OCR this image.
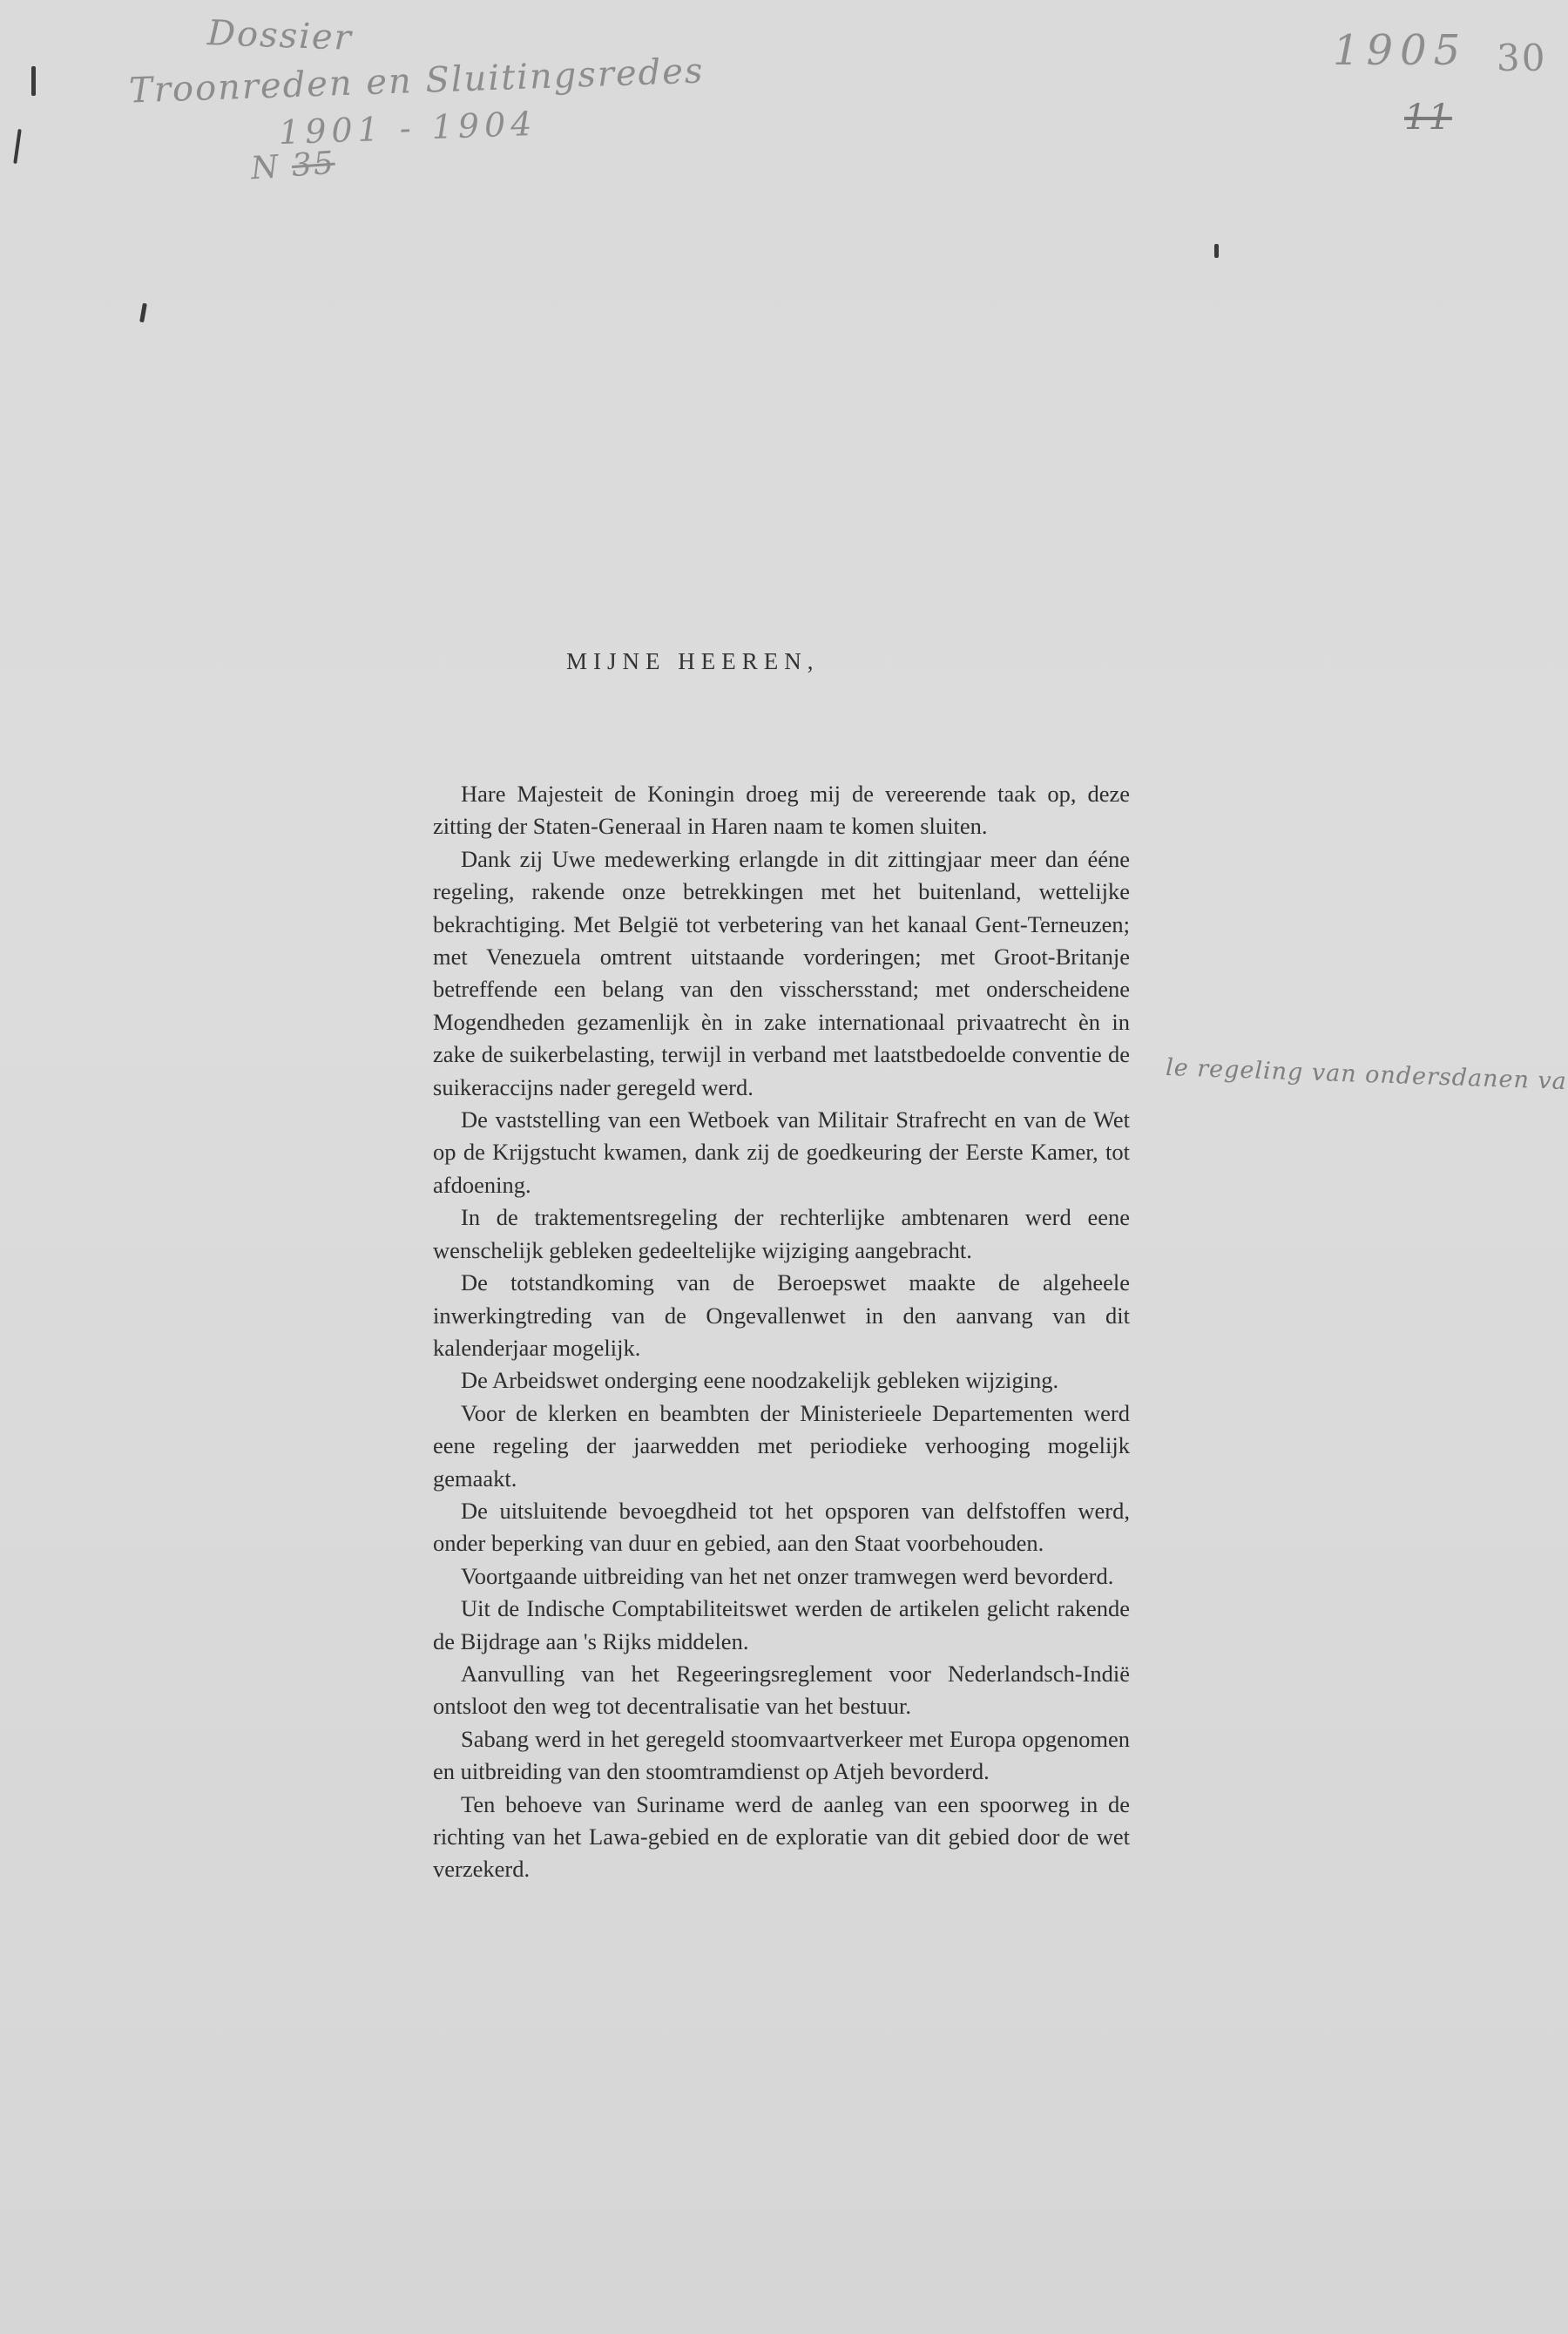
Dossier
Troonreden en Sluitingsredes
1901 - 1904
N 35
1905 30
11
le regeling van ondersdanen va
MIJNE HEEREN,

Hare Majesteit de Koningin droeg mij de vereerende taak op, deze zitting der Staten-Generaal in Haren naam te komen sluiten.

Dank zij Uwe medewerking erlangde in dit zittingjaar meer dan ééne regeling, rakende onze betrekkingen met het buitenland, wettelijke bekrachtiging. Met België tot verbetering van het kanaal Gent-Terneuzen; met Venezuela omtrent uitstaande vorderingen; met Groot-Britanje betreffende een belang van den visschersstand; met onderscheidene Mogendheden gezamenlijk èn in zake internationaal privaatrecht èn in zake de suikerbelasting, terwijl in verband met laatstbedoelde conventie de suikeraccijns nader geregeld werd.

De vaststelling van een Wetboek van Militair Strafrecht en van de Wet op de Krijgstucht kwamen, dank zij de goedkeuring der Eerste Kamer, tot afdoening.

In de traktementsregeling der rechterlijke ambtenaren werd eene wenschelijk gebleken gedeeltelijke wijziging aangebracht.

De totstandkoming van de Beroepswet maakte de algeheele inwerkingtreding van de Ongevallenwet in den aanvang van dit kalenderjaar mogelijk.

De Arbeidswet onderging eene noodzakelijk gebleken wijziging.

Voor de klerken en beambten der Ministerieele Departementen werd eene regeling der jaarwedden met periodieke verhooging mogelijk gemaakt.

De uitsluitende bevoegdheid tot het opsporen van delfstoffen werd, onder beperking van duur en gebied, aan den Staat voorbehouden.

Voortgaande uitbreiding van het net onzer tramwegen werd bevorderd.

Uit de Indische Comptabiliteitswet werden de artikelen gelicht rakende de Bijdrage aan 's Rijks middelen.

Aanvulling van het Regeeringsreglement voor Nederlandsch-Indië ontsloot den weg tot decentralisatie van het bestuur.

Sabang werd in het geregeld stoomvaartverkeer met Europa opgenomen en uitbreiding van den stoomtramdienst op Atjeh bevorderd.

Ten behoeve van Suriname werd de aanleg van een spoorweg in de richting van het Lawa-gebied en de exploratie van dit gebied door de wet verzekerd.
